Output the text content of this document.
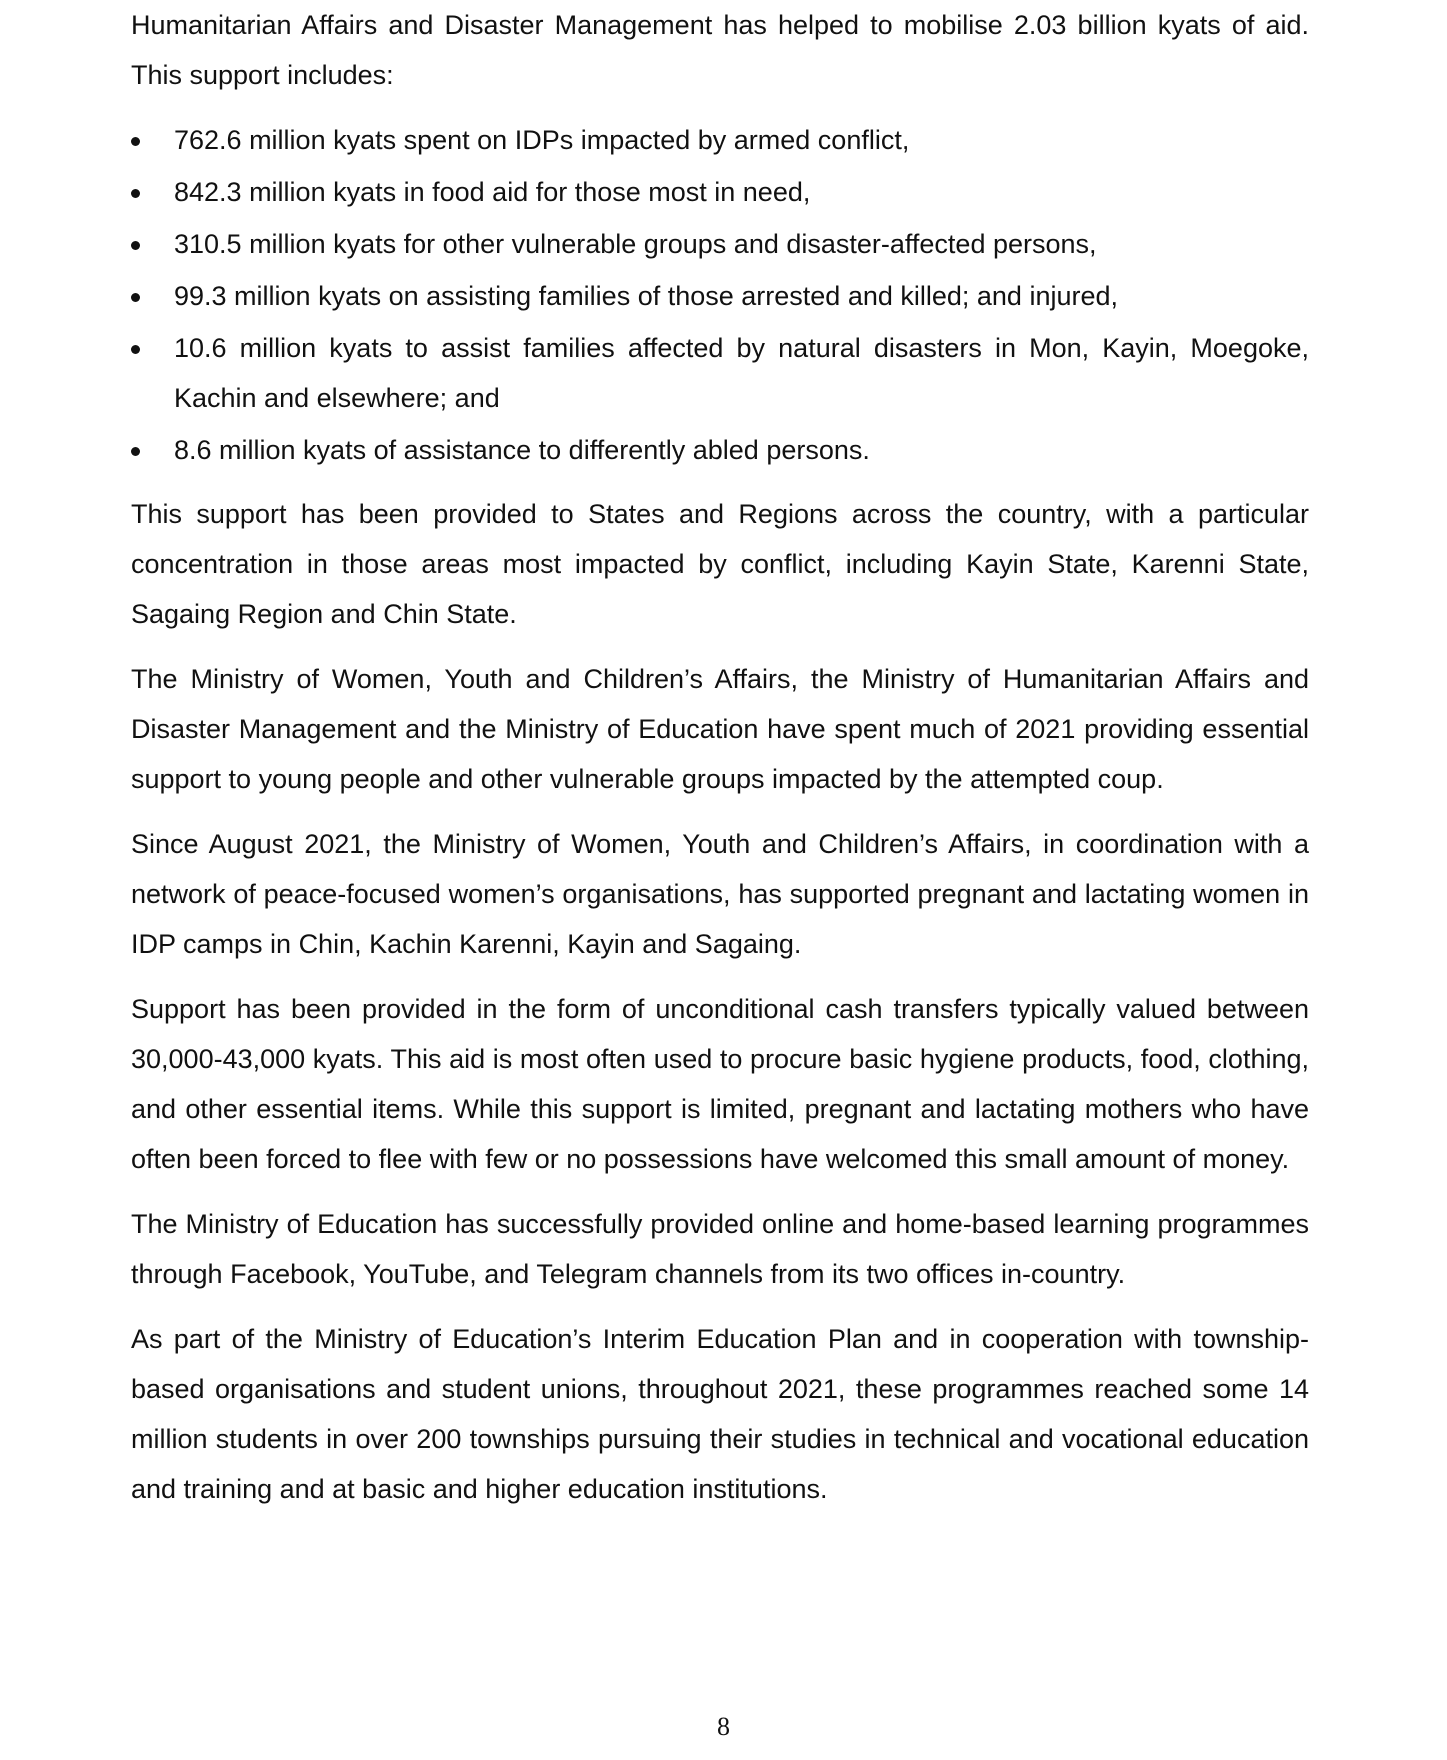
Humanitarian Affairs and Disaster Management has helped to mobilise 2.03 billion kyats of aid. This support includes:

762.6 million kyats spent on IDPs impacted by armed conflict,
842.3 million kyats in food aid for those most in need,
310.5 million kyats for other vulnerable groups and disaster-affected persons,
99.3 million kyats on assisting families of those arrested and killed; and injured,
10.6 million kyats to assist families affected by natural disasters in Mon, Kayin, Moegoke, Kachin and elsewhere; and
8.6 million kyats of assistance to differently abled persons.

This support has been provided to States and Regions across the country, with a particular concentration in those areas most impacted by conflict, including Kayin State, Karenni State, Sagaing Region and Chin State.

The Ministry of Women, Youth and Children’s Affairs, the Ministry of Humanitarian Affairs and Disaster Management and the Ministry of Education have spent much of 2021 providing essential support to young people and other vulnerable groups impacted by the attempted coup.

Since August 2021, the Ministry of Women, Youth and Children’s Affairs, in coordination with a network of peace-focused women’s organisations, has supported pregnant and lactating women in IDP camps in Chin, Kachin Karenni, Kayin and Sagaing.

Support has been provided in the form of unconditional cash transfers typically valued between 30,000-43,000 kyats. This aid is most often used to procure basic hygiene products, food, clothing, and other essential items. While this support is limited, pregnant and lactating mothers who have often been forced to flee with few or no possessions have welcomed this small amount of money.

The Ministry of Education has successfully provided online and home-based learning programmes through Facebook, YouTube, and Telegram channels from its two offices in-country.

As part of the Ministry of Education’s Interim Education Plan and in cooperation with township-based organisations and student unions, throughout 2021, these programmes reached some 14 million students in over 200 townships pursuing their studies in technical and vocational education and training and at basic and higher education institutions.

8
